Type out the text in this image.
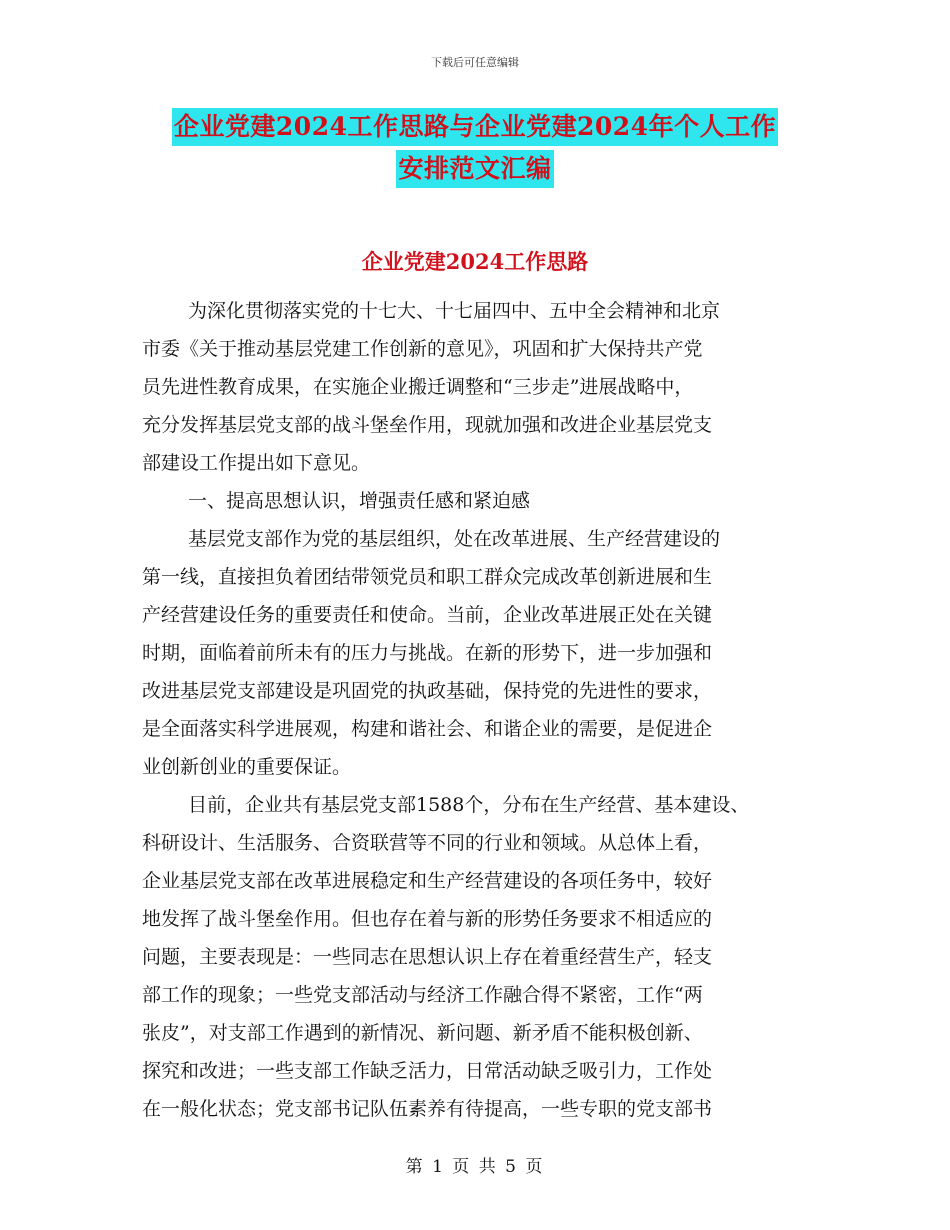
下载后可任意编辑
企业党建2024工作思路与企业党建2024年个人工作
安排范文汇编
企业党建2024工作思路
为深化贯彻落实党的十七大、十七届四中、五中全会精神和北京
市委《关于推动基层党建工作创新的意见》，巩固和扩大保持共产党
员先进性教育成果，在实施企业搬迁调整和“三步走”进展战略中，
充分发挥基层党支部的战斗堡垒作用，现就加强和改进企业基层党支
部建设工作提出如下意见。
一、提高思想认识，增强责任感和紧迫感
基层党支部作为党的基层组织，处在改革进展、生产经营建设的
第一线，直接担负着团结带领党员和职工群众完成改革创新进展和生
产经营建设任务的重要责任和使命。当前，企业改革进展正处在关键
时期，面临着前所未有的压力与挑战。在新的形势下，进一步加强和
改进基层党支部建设是巩固党的执政基础，保持党的先进性的要求，
是全面落实科学进展观，构建和谐社会、和谐企业的需要，是促进企
业创新创业的重要保证。
目前，企业共有基层党支部1588个，分布在生产经营、基本建设、
科研设计、生活服务、合资联营等不同的行业和领域。从总体上看，
企业基层党支部在改革进展稳定和生产经营建设的各项任务中，较好
地发挥了战斗堡垒作用。但也存在着与新的形势任务要求不相适应的
问题，主要表现是：一些同志在思想认识上存在着重经营生产，轻支
部工作的现象；一些党支部活动与经济工作融合得不紧密，工作“两
张皮”，对支部工作遇到的新情况、新问题、新矛盾不能积极创新、
探究和改进；一些支部工作缺乏活力，日常活动缺乏吸引力，工作处
在一般化状态；党支部书记队伍素养有待提高，一些专职的党支部书
第 1 页 共 5 页
